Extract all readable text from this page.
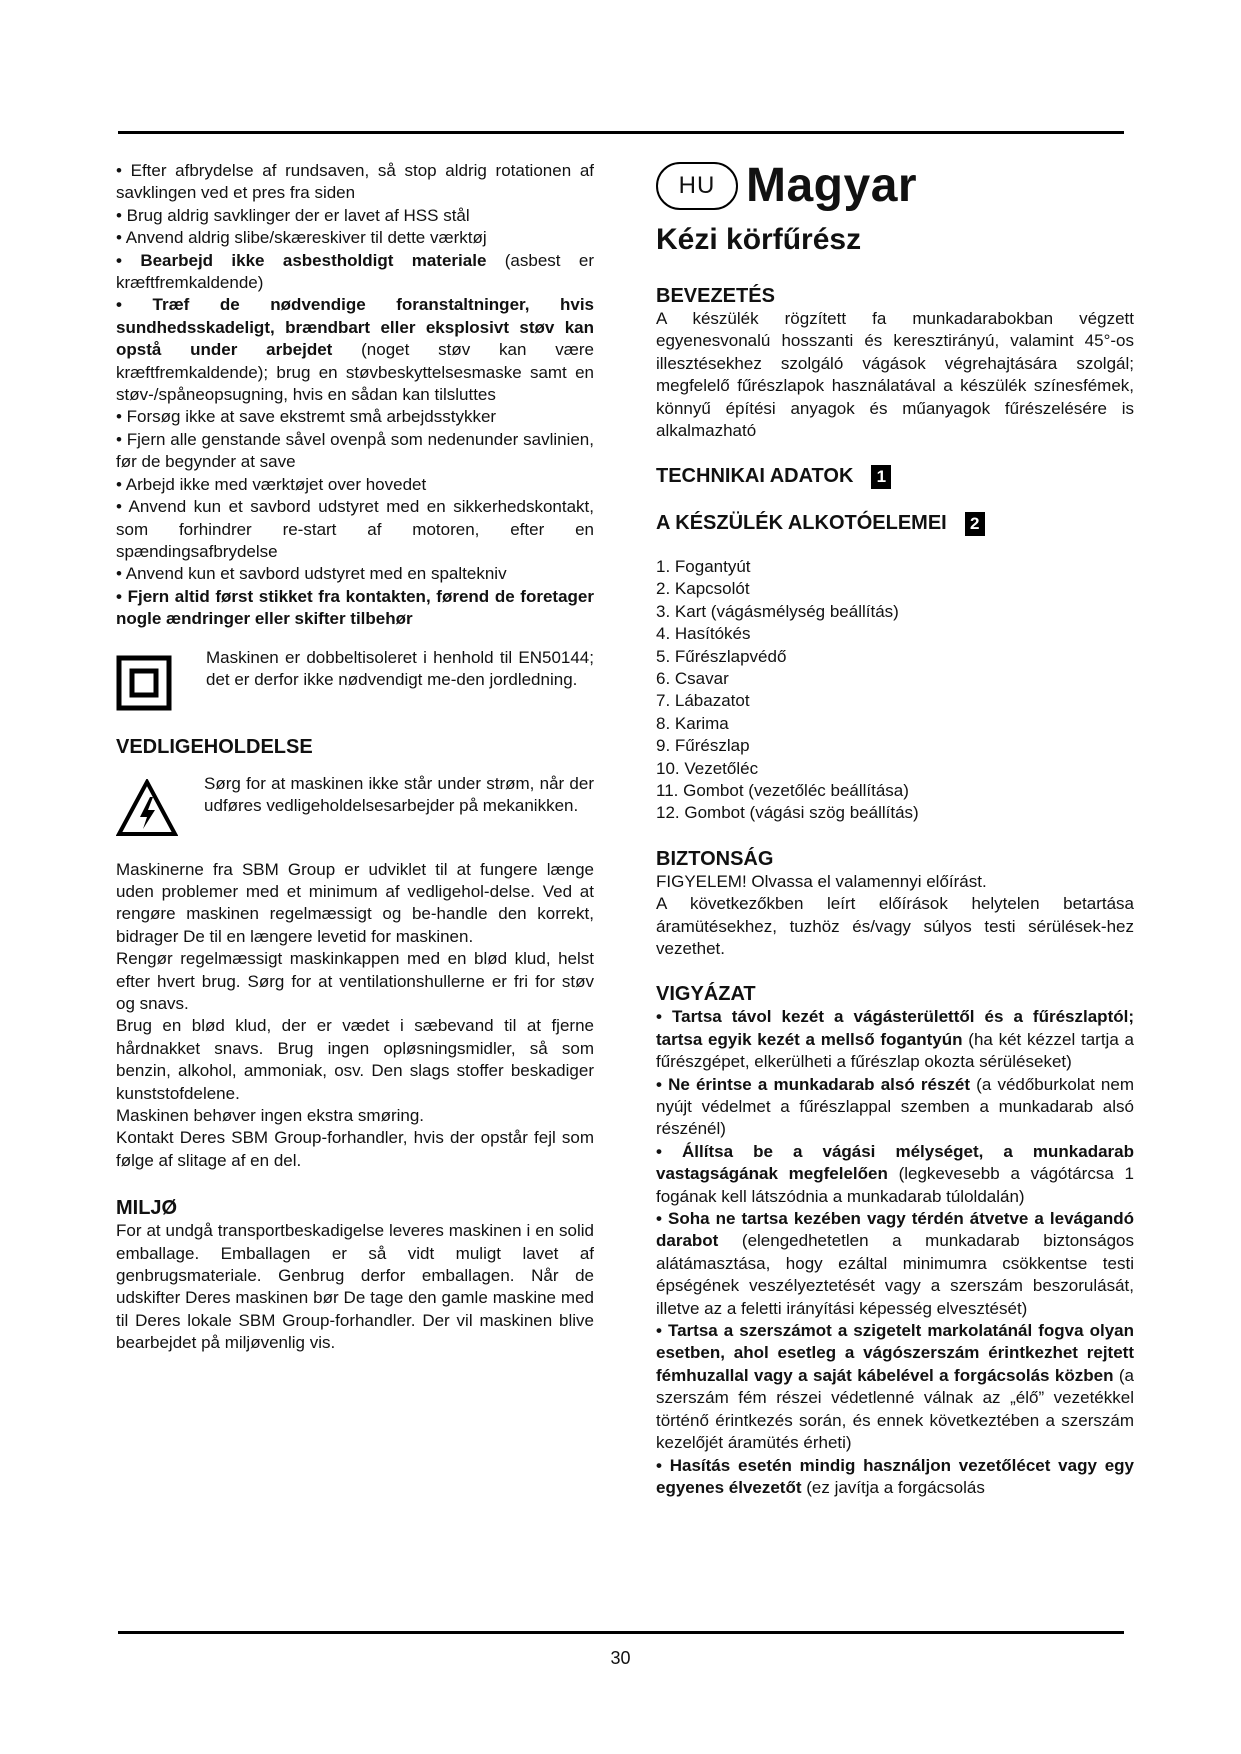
• Efter afbrydelse af rundsaven, så stop aldrig rotationen af savklingen ved et pres fra siden
• Brug aldrig savklinger der er lavet af HSS stål
• Anvend aldrig slibe/skæreskiver til dette værktøj
• Bearbejd ikke asbestholdigt materiale (asbest er kræftfremkaldende)
• Træf de nødvendige foranstaltninger, hvis sundhedsskadeligt, brændbart eller eksplosivt støv kan opstå under arbejdet (noget støv kan være kræftfremkaldende); brug en støvbeskyttelsesmaske samt en støv-/spåneopsugning, hvis en sådan kan tilsluttes
• Forsøg ikke at save ekstremt små arbejdsstykker
• Fjern alle genstande såvel ovenpå som nedenunder savlinien, før de begynder at save
• Arbejd ikke med værktøjet over hovedet
• Anvend kun et savbord udstyret med en sikkerhedskontakt, som forhindrer re-start af motoren, efter en spændingsafbrydelse
• Anvend kun et savbord udstyret med en spaltekniv
• Fjern altid først stikket fra kontakten, førend de foretager nogle ændringer eller skifter tilbehør
Maskinen er dobbeltisoleret i henhold til EN50144; det er derfor ikke nødvendigt me-den jordledning.
VEDLIGEHOLDELSE
Sørg for at maskinen ikke står under strøm, når der udføres vedligeholdelsesarbejder på mekanikken.
Maskinerne fra SBM Group er udviklet til at fungere længe uden problemer med et minimum af vedligehol-delse. Ved at rengøre maskinen regelmæssigt og be-handle den korrekt, bidrager De til en længere levetid for maskinen.
Rengør regelmæssigt maskinkappen med en blød klud, helst efter hvert brug. Sørg for at ventilationshullerne er fri for støv og snavs.
Brug en blød klud, der er vædet i sæbevand til at fjerne hårdnakket snavs. Brug ingen opløsningsmidler, så som benzin, alkohol, ammoniak, osv. Den slags stoffer beskadiger kunststofdelene.
Maskinen behøver ingen ekstra smøring.
Kontakt Deres SBM Group-forhandler, hvis der opstår fejl som følge af slitage af en del.
MILJØ
For at undgå transportbeskadigelse leveres maskinen i en solid emballage. Emballagen er så vidt muligt lavet af genbrugsmateriale. Genbrug derfor emballagen. Når de udskifter Deres maskinen bør De tage den gamle maskine med til Deres lokale SBM Group-forhandler. Der vil maskinen blive bearbejdet på miljøvenlig vis.
HU Magyar
Kézi körfűrész
BEVEZETÉS
A készülék rögzített fa munkadarabokban végzett egyenesvonalú hosszanti és keresztirányú, valamint 45°-os illesztésekhez szolgáló vágások végrehajtására szolgál; megfelelő fűrészlapok használatával a készülék színesfémek, könnyű építési anyagok és műanyagok fűrészelésére is alkalmazható
TECHNIKAI ADATOK 1
A KÉSZÜLÉK ALKOTÓELEMEI 2
1. Fogantyút
2. Kapcsolót
3. Kart (vágásmélység beállítás)
4. Hasítókés
5. Fűrészlapvédő
6. Csavar
7. Lábazatot
8. Karima
9. Fűrészlap
10. Vezetőléc
11. Gombot (vezetőléc beállítása)
12. Gombot (vágási szög beállítás)
BIZTONSÁG
FIGYELEM! Olvassa el valamennyi előírást.
A következőkben leírt előírások helytelen betartása áramütésekhez, tuzhöz és/vagy súlyos testi sérülések-hez vezethet.
VIGYÁZAT
• Tartsa távol kezét a vágásterülettől és a fűrészlaptól; tartsa egyik kezét a mellső fogantyún (ha két kézzel tartja a fűrészgépet, elkerülheti a fűrészlap okozta sérüléseket)
• Ne érintse a munkadarab alsó részét (a védőburkolat nem nyújt védelmet a fűrészlappal szemben a munkadarab alsó részénél)
• Állítsa be a vágási mélységet, a munkadarab vastagságának megfelelően (legkevesebb a vágótárcsa 1 fogának kell látszódnia a munkadarab túloldalán)
• Soha ne tartsa kezében vagy térdén átvetve a levágandó darabot (elengedhetetlen a munkadarab biztonságos alátámasztása, hogy ezáltal minimumra csökkentse testi épségének veszélyeztetését vagy a szerszám beszorulását, illetve az a feletti irányítási képesség elvesztését)
• Tartsa a szerszámot a szigetelt markolatánál fogva olyan esetben, ahol esetleg a vágószerszám érintkezhet rejtett fémhuzallal vagy a saját kábelével a forgácsolás közben (a szerszám fém részei védetlenné válnak az „élő” vezetékkel történő érintkezés során, és ennek következtében a szerszám kezelőjét áramütés érheti)
• Hasítás esetén mindig használjon vezetőlécet vagy egy egyenes élvezetőt (ez javítja a forgácsolás
30
